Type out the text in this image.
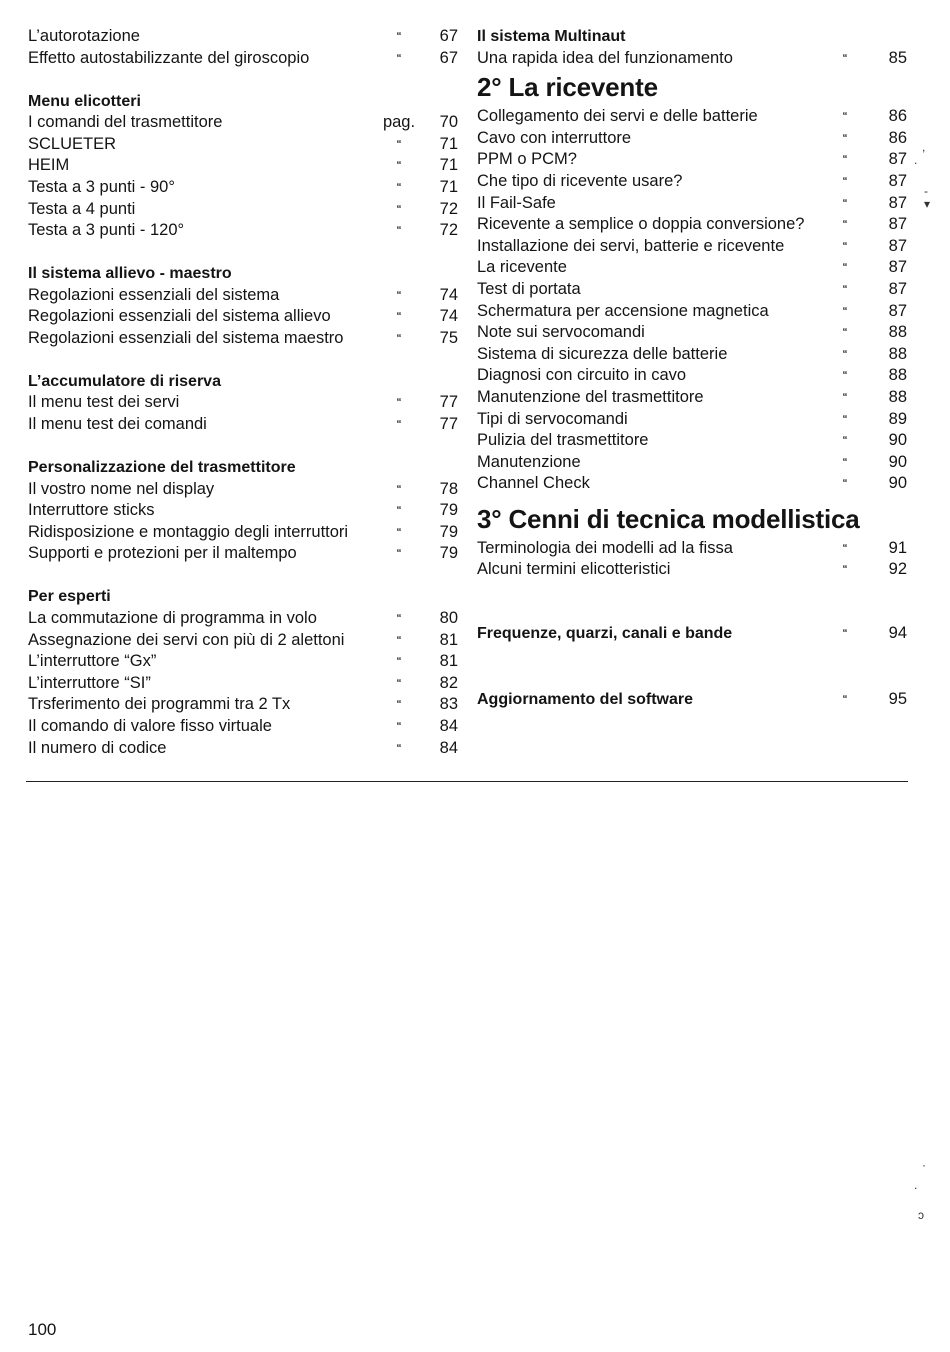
L’autorotazione	“	67
Effetto autostabilizzante del giroscopio	“	67
Menu elicotteri
I comandi del trasmettitore	pag.	70
SCLUETER	“	71
HEIM	“	71
Testa a 3 punti - 90°	“	71
Testa a 4 punti	“	72
Testa a 3 punti - 120°	“	72
Il sistema allievo - maestro
Regolazioni essenziali del sistema	“	74
Regolazioni essenziali del sistema allievo	“	74
Regolazioni essenziali del sistema maestro	“	75
L’accumulatore di riserva
Il menu test dei servi	“	77
Il menu test dei comandi	“	77
Personalizzazione del trasmettitore
Il vostro nome nel display	“	78
Interruttore sticks	“	79
Ridisposizione e montaggio degli interruttori	“	79
Supporti e protezioni per il maltempo	“	79
Per esperti
La commutazione di programma in volo	“	80
Assegnazione dei servi con più di 2 alettoni	“	81
L’interruttore “Gx”	“	81
L’interruttore “SI”	“	82
Trsferimento dei programmi tra 2 Tx	“	83
Il comando di valore fisso virtuale	“	84
Il numero di codice	“	84
Il sistema Multinaut
Una rapida idea del funzionamento	“	85
2° La ricevente
Collegamento dei servi e delle batterie	“	86
Cavo con interruttore	“	86
PPM o PCM?	“	87
Che tipo di ricevente usare?	“	87
Il Fail-Safe	“	87
Ricevente a semplice o doppia conversione?	“	87
Installazione dei servi, batterie e ricevente	“	87
La ricevente	“	87
Test di portata	“	87
Schermatura per accensione magnetica	“	87
Note sui servocomandi	“	88
Sistema di sicurezza delle batterie	“	88
Diagnosi con circuito in cavo	“	88
Manutenzione del trasmettitore	“	88
Tipi di servocomandi	“	89
Pulizia del trasmettitore	“	90
Manutenzione	“	90
Channel Check	“	90
3° Cenni di tecnica modellistica
Terminologia dei modelli ad la fissa	“	91
Alcuni termini elicotteristici	“	92
Frequenze, quarzi, canali e bande	“	94
Aggiornamento del software	“	95
100
,
.
-
▾
·
.
ɔ
